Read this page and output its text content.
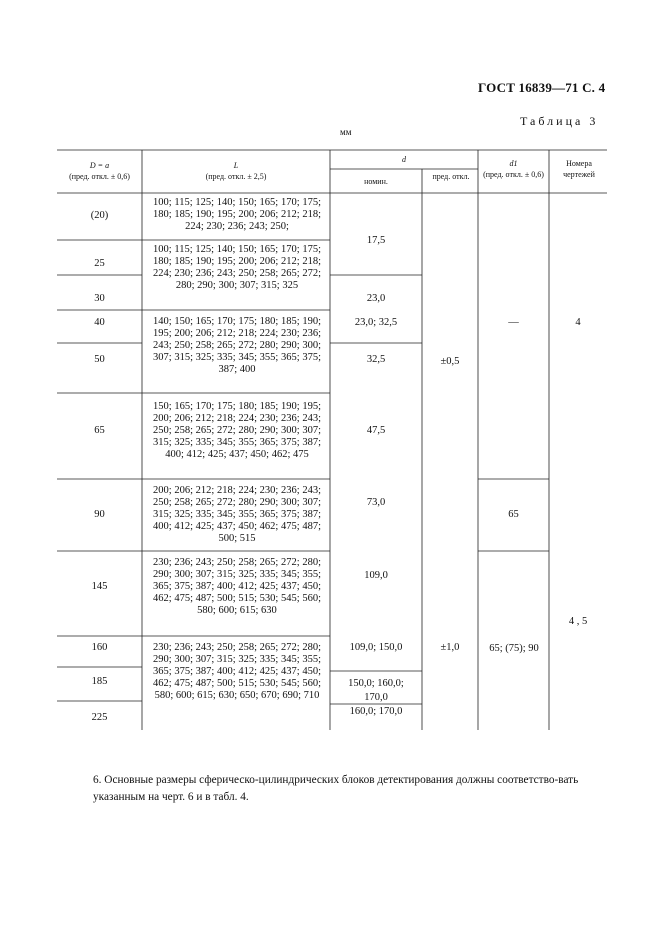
ГОСТ 16839—71 С. 4
Таблица 3
мм
D = a
(пред. откл. ± 0,6)
L
(пред. откл. ± 2,5)
d
номин.
пред. откл.
d1
(пред. откл. ± 0,6)
Номера чертежей
(20)
25
30
40
50
65
90
145
160
185
225
100; 115; 125; 140; 150; 165; 170; 175; 180; 185; 190; 195; 200; 206; 212; 218; 224; 230; 236; 243; 250;
100; 115; 125; 140; 150; 165; 170; 175; 180; 185; 190; 195; 200; 206; 212; 218; 224; 230; 236; 243; 250; 258; 265; 272; 280; 290; 300; 307; 315; 325
140; 150; 165; 170; 175; 180; 185; 190; 195; 200; 206; 212; 218; 224; 230; 236; 243; 250; 258; 265; 272; 280; 290; 300; 307; 315; 325; 335; 345; 355; 365; 375; 387; 400
150; 165; 170; 175; 180; 185; 190; 195; 200; 206; 212; 218; 224; 230; 236; 243; 250; 258; 265; 272; 280; 290; 300; 307; 315; 325; 335; 345; 355; 365; 375; 387; 400; 412; 425; 437; 450; 462; 475
200; 206; 212; 218; 224; 230; 236; 243; 250; 258; 265; 272; 280; 290; 300; 307; 315; 325; 335; 345; 355; 365; 375; 387; 400; 412; 425; 437; 450; 462; 475; 487; 500; 515
230; 236; 243; 250; 258; 265; 272; 280; 290; 300; 307; 315; 325; 335; 345; 355; 365; 375; 387; 400; 412; 425; 437; 450; 462; 475; 487; 500; 515; 530; 545; 560; 580; 600; 615; 630
230; 236; 243; 250; 258; 265; 272; 280; 290; 300; 307; 315; 325; 335; 345; 355; 365; 375; 387; 400; 412; 425; 437; 450; 462; 475; 487; 500; 515; 530; 545; 560; 580; 600; 615; 630; 650; 670; 690; 710
17,5
23,0
23,0; 32,5
32,5
47,5
73,0
109,0
109,0; 150,0
150,0; 160,0; 170,0
160,0; 170,0
±0,5
±1,0
—
65
65; (75); 90
4
4 , 5

6. Основные размеры сферическо-цилиндрических блоков детектирования должны соответство-вать указанным на черт. 6 и в табл. 4.
